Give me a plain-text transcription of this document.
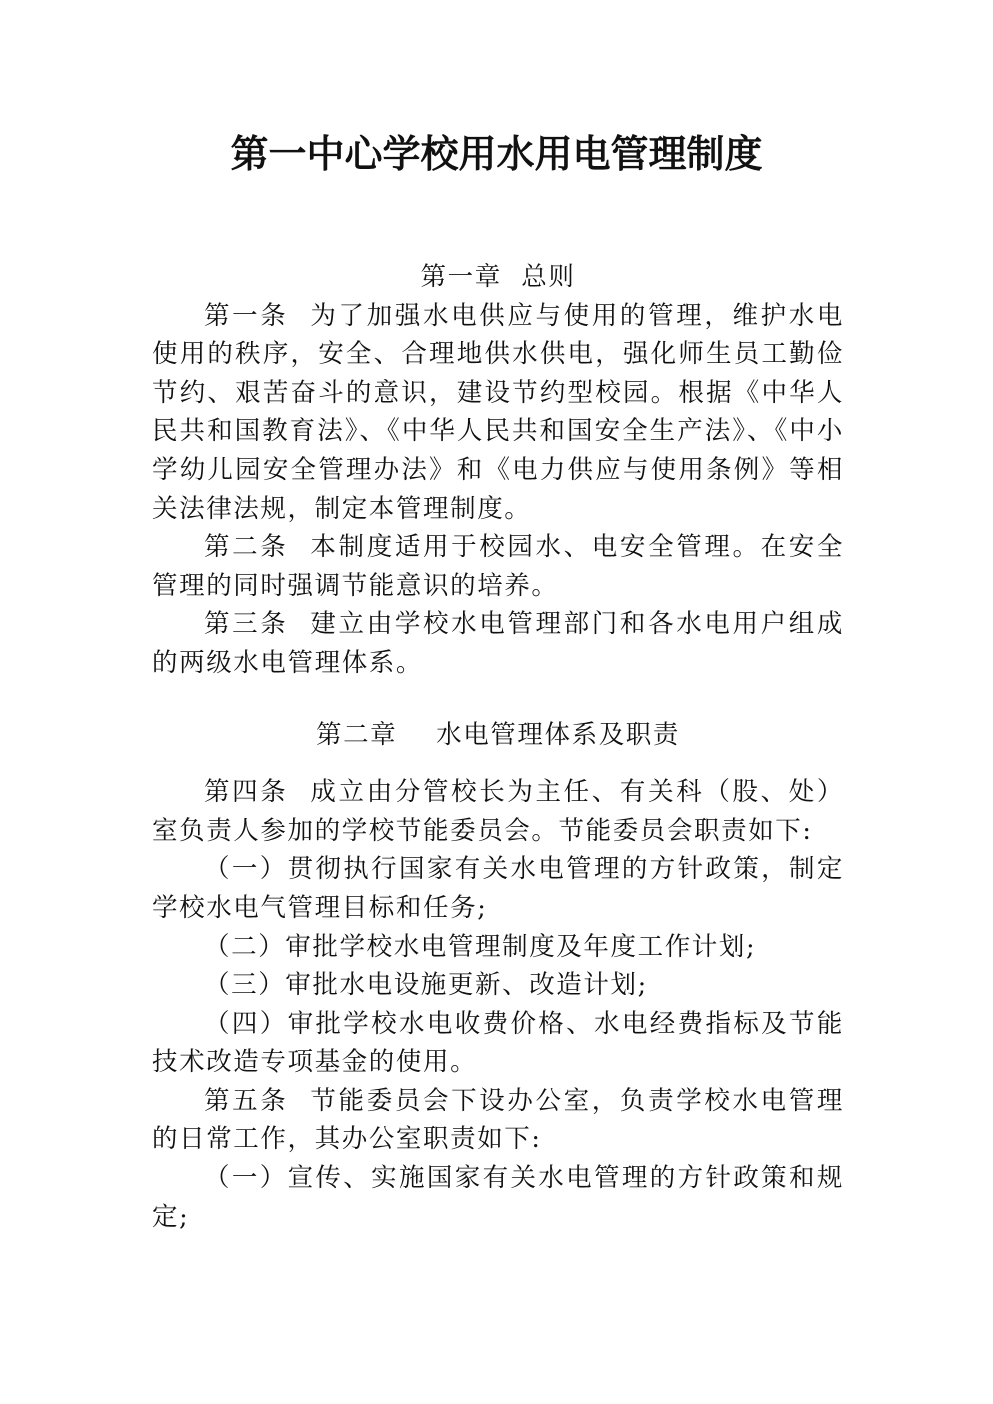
第一中心学校用水用电管理制度
第一章  总则

第一条 为了加强水电供应与使用的管理，维护水电使用的秩序，安全、合理地供水供电，强化师生员工勤俭节约、艰苦奋斗的意识，建设节约型校园。根据《中华人民共和国教育法》、《中华人民共和国安全生产法》、《中小学幼儿园安全管理办法》和《电力供应与使用条例》等相关法律法规，制定本管理制度。

第二条 本制度适用于校园水、电安全管理。在安全管理的同时强调节能意识的培养。

第三条 建立由学校水电管理部门和各水电用户组成的两级水电管理体系。

第二章    水电管理体系及职责

第四条 成立由分管校长为主任、有关科（股、处）室负责人参加的学校节能委员会。节能委员会职责如下:

（一）贯彻执行国家有关水电管理的方针政策，制定学校水电气管理目标和任务;

（二）审批学校水电管理制度及年度工作计划;

（三）审批水电设施更新、改造计划;

（四）审批学校水电收费价格、水电经费指标及节能技术改造专项基金的使用。

第五条 节能委员会下设办公室，负责学校水电管理的日常工作，其办公室职责如下:

（一）宣传、实施国家有关水电管理的方针政策和规定;
